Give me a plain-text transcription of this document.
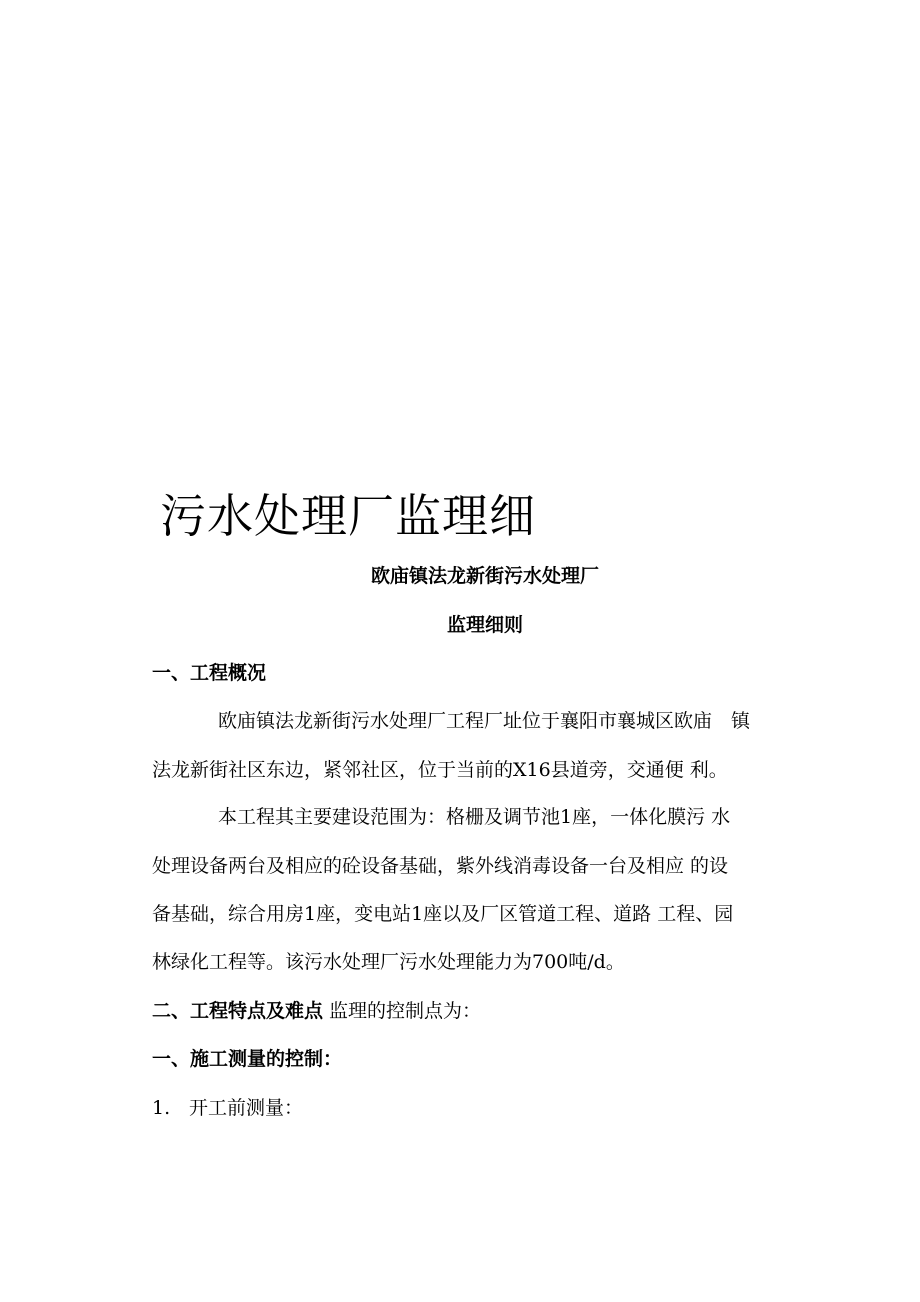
污水处理厂监理细

欧庙镇法龙新街污水处理厂

监理细则

一、工程概况

欧庙镇法龙新街污水处理厂工程厂址位于襄阳市襄城区欧庙　镇

法龙新街社区东边，紧邻社区，位于当前的X16县道旁，交通便 利。

本工程其主要建设范围为：格栅及调节池1座，一体化膜污 水

处理设备两台及相应的砼设备基础，紫外线消毒设备一台及相应 的设

备基础，综合用房1座，变电站1座以及厂区管道工程、道路 工程、园

林绿化工程等。该污水处理厂污水处理能力为700吨/d。

二、工程特点及难点 监理的控制点为：

一、施工测量的控制：

1. 开工前测量：
